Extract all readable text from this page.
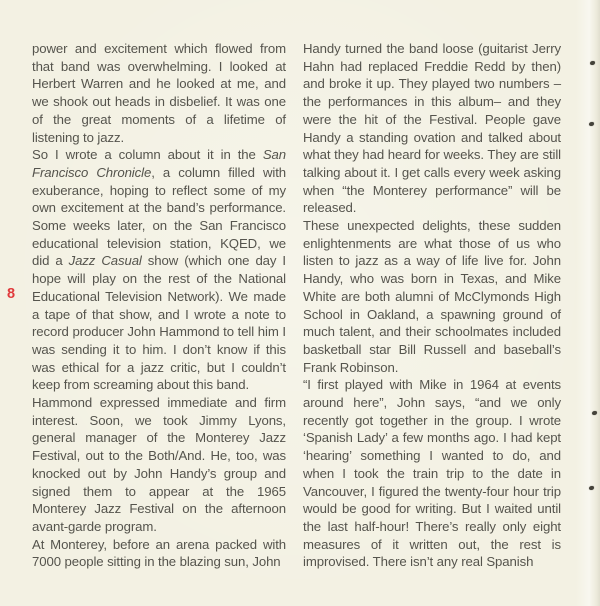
8

power and excitement which flowed from that band was overwhelming. I looked at Herbert Warren and he looked at me, and we shook out heads in disbelief. It was one of the great moments of a lifetime of listening to jazz.

So I wrote a column about it in the San Francisco Chronicle, a column filled with exuberance, hoping to reflect some of my own excitement at the band’s performance. Some weeks later, on the San Francisco educational television station, KQED, we did a Jazz Casual show (which one day I hope will play on the rest of the National Educational Television Network). We made a tape of that show, and I wrote a note to record producer John Hammond to tell him I was sending it to him. I don’t know if this was ethical for a jazz critic, but I couldn’t keep from screaming about this band.

Hammond expressed immediate and firm interest. Soon, we took Jimmy Lyons, general manager of the Monterey Jazz Festival, out to the Both/And. He, too, was knocked out by John Handy’s group and signed them to appear at the 1965 Monterey Jazz Festival on the afternoon avant-garde program.

At Monterey, before an arena packed with 7000 people sitting in the blazing sun, John

Handy turned the band loose (guitarist Jerry Hahn had replaced Freddie Redd by then) and broke it up. They played two numbers –the performances in this album– and they were the hit of the Festival. People gave Handy a standing ovation and talked about what they had heard for weeks. They are still talking about it. I get calls every week asking when “the Monterey performance” will be released.

These unexpected delights, these sudden enlightenments are what those of us who listen to jazz as a way of life live for. John Handy, who was born in Texas, and Mike White are both alumni of McClymonds High School in Oakland, a spawning ground of much talent, and their schoolmates included basketball star Bill Russell and baseball’s Frank Robinson.

“I first played with Mike in 1964 at events around here”, John says, “and we only recently got together in the group. I wrote ‘Spanish Lady’ a few months ago. I had kept ‘hearing’ something I wanted to do, and when I took the train trip to the date in Vancouver, I figured the twenty-four hour trip would be good for writing. But I waited until the last half-hour! There’s really only eight measures of it written out, the rest is improvised. There isn’t any real Spanish
